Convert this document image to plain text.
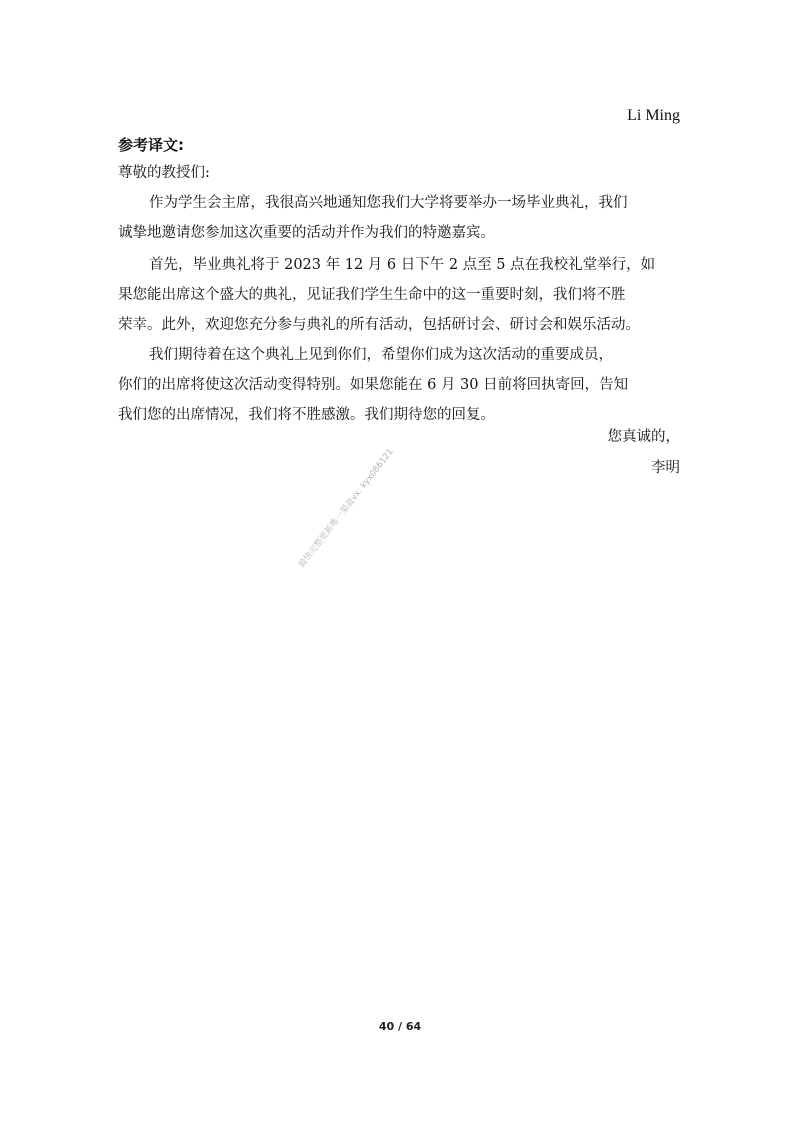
Li Ming
参考译文:
尊敬的教授们:
作为学生会主席，我很高兴地通知您我们大学将要举办一场毕业典礼，我们
诚挚地邀请您参加这次重要的活动并作为我们的特邀嘉宾。
首先，毕业典礼将于 2023 年 12 月 6 日下午 2 点至 5 点在我校礼堂举行，如
果您能出席这个盛大的典礼，见证我们学生生命中的这一重要时刻，我们将不胜
荣幸。此外，欢迎您充分参与典礼的所有活动，包括研讨会、研讨会和娱乐活动。
我们期待着在这个典礼上见到你们，希望你们成为这次活动的重要成员，
你们的出席将使这次活动变得特别。如果您能在 6 月 30 日前将回执寄回，告知
我们您的出席情况，我们将不胜感激。我们期待您的回复。
您真诚的，
李明
最快完整更新唯一渠道vx: kyx086121
40 / 64
